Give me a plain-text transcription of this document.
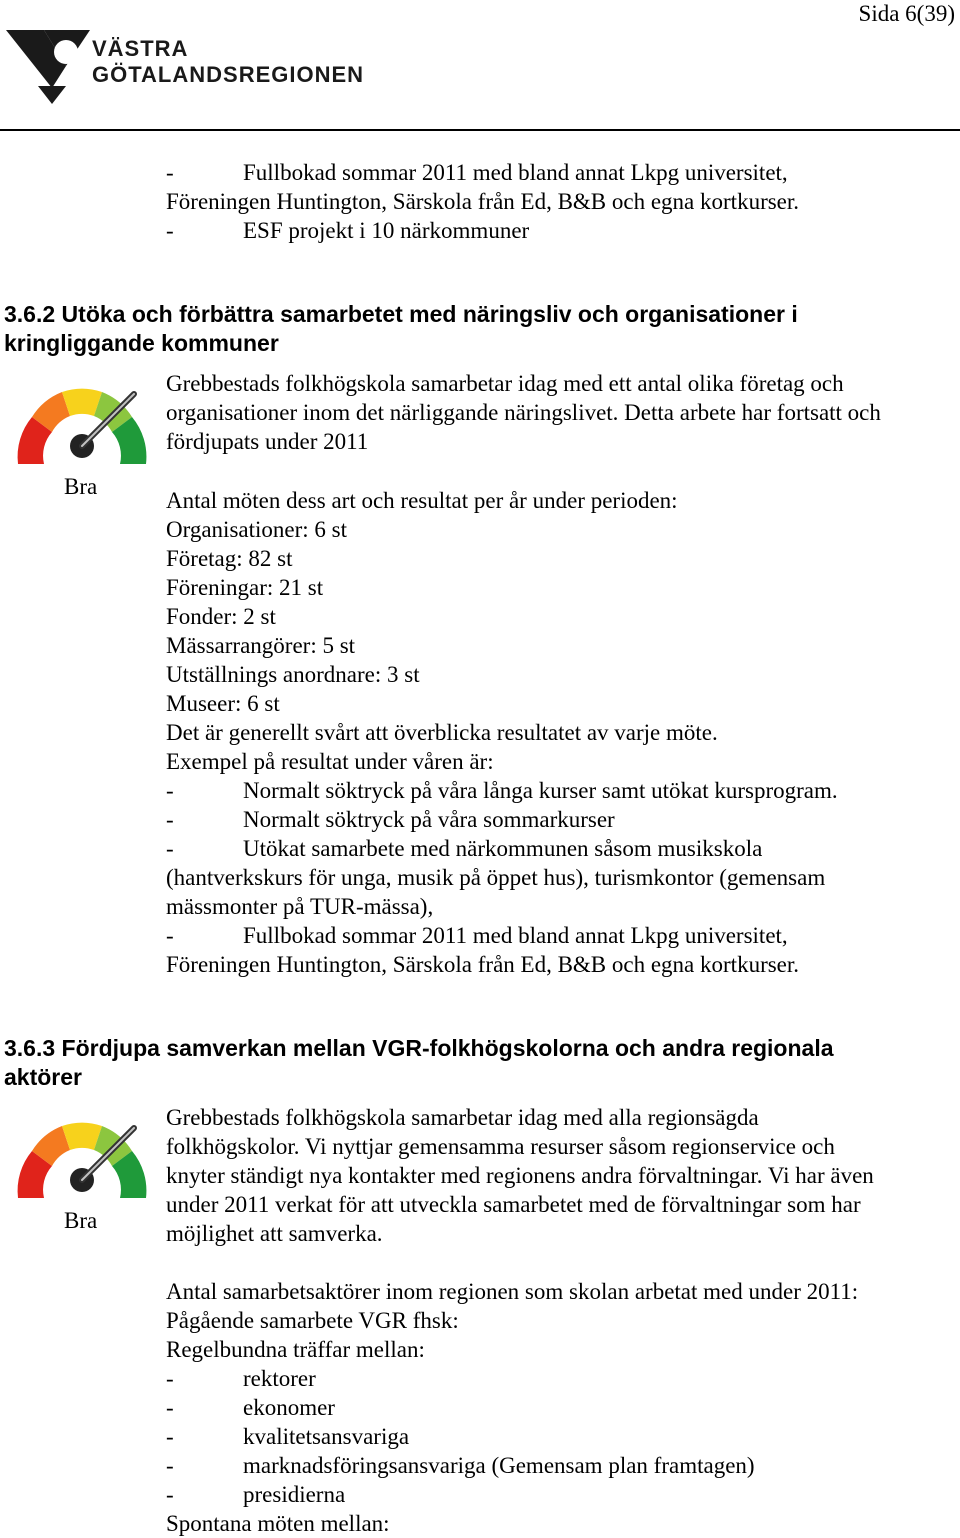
Sida 6(39)
VÄSTRA
GÖTALANDSREGIONEN
-	Fullbokad sommar 2011 med bland annat Lkpg universitet,
Föreningen Huntington, Särskola från Ed, B&B och egna kortkurser.
-	ESF projekt i 10 närkommuner
3.6.2 Utöka och förbättra samarbetet med näringsliv och organisationer i
kringliggande kommuner
Bra
Grebbestads folkhögskola samarbetar idag med ett antal olika företag och
organisationer inom det närliggande näringslivet. Detta arbete har fortsatt och
fördjupats under 2011
Antal möten dess art och resultat per år under perioden:
Organisationer: 6 st
Företag: 82 st
Föreningar: 21 st
Fonder: 2 st
Mässarrangörer: 5 st
Utställnings anordnare: 3 st
Museer: 6 st
Det är generellt svårt att överblicka resultatet av varje möte.
Exempel på resultat under våren är:
-	Normalt söktryck på våra långa kurser samt utökat kursprogram.
-	Normalt söktryck på våra sommarkurser
-	Utökat samarbete med närkommunen såsom musikskola
(hantverkskurs för unga, musik på öppet hus), turismkontor (gemensam
mässmonter på TUR-mässa),
-	Fullbokad sommar 2011 med bland annat Lkpg universitet,
Föreningen Huntington, Särskola från Ed, B&B och egna kortkurser.
3.6.3 Fördjupa samverkan mellan VGR-folkhögskolorna och andra regionala
aktörer
Bra
Grebbestads folkhögskola samarbetar idag med alla regionsägda
folkhögskolor. Vi nyttjar gemensamma resurser såsom regionservice och
knyter ständigt nya kontakter med regionens andra förvaltningar. Vi har även
under 2011 verkat för att utveckla samarbetet med de förvaltningar som har
möjlighet att samverka.
Antal samarbetsaktörer inom regionen som skolan arbetat med under 2011:
Pågående samarbete VGR fhsk:
Regelbundna träffar mellan:
-	rektorer
-	ekonomer
-	kvalitetsansvariga
-	marknadsföringsansvariga (Gemensam plan framtagen)
-	presidierna
Spontana möten mellan:
